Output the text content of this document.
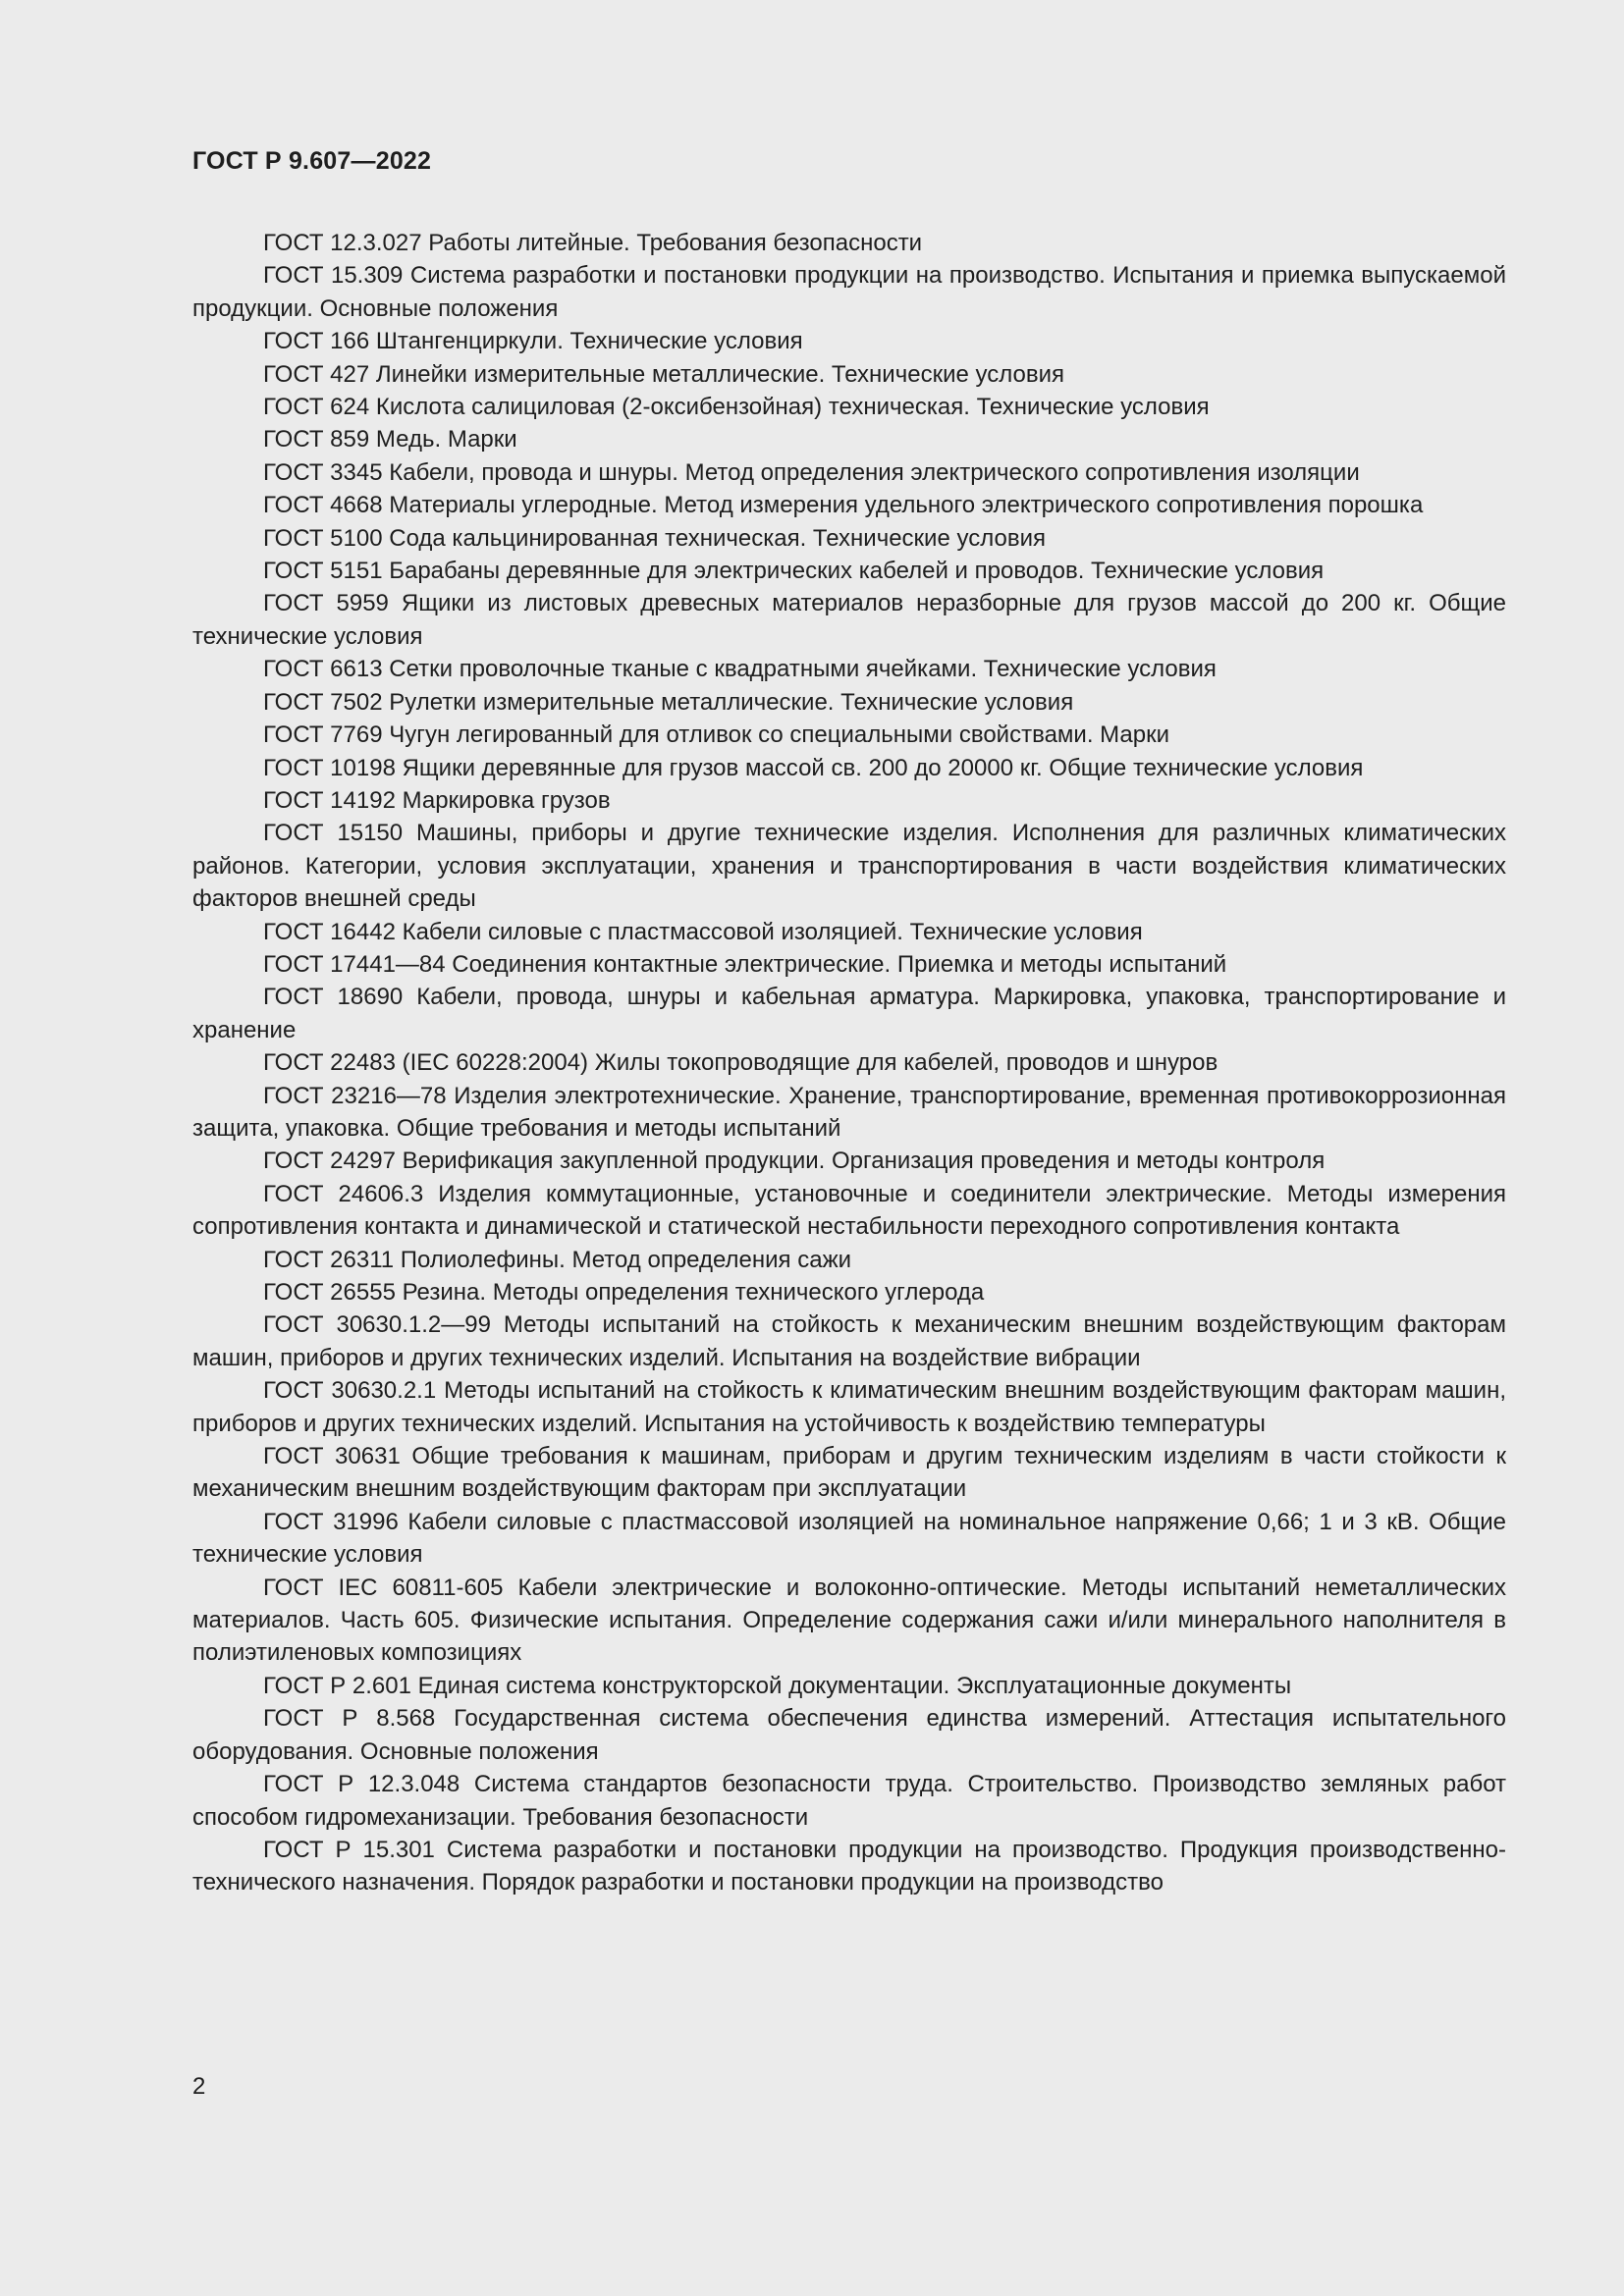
ГОСТ Р 9.607—2022

ГОСТ 12.3.027 Работы литейные. Требования безопасности

ГОСТ 15.309 Система разработки и постановки продукции на производство. Испытания и приемка выпускаемой продукции. Основные положения

ГОСТ 166 Штангенциркули. Технические условия

ГОСТ 427 Линейки измерительные металлические. Технические условия

ГОСТ 624 Кислота салициловая (2-оксибензойная) техническая. Технические условия

ГОСТ 859 Медь. Марки

ГОСТ 3345 Кабели, провода и шнуры. Метод определения электрического сопротивления изоляции

ГОСТ 4668 Материалы углеродные. Метод измерения удельного электрического сопротивления порошка

ГОСТ 5100 Сода кальцинированная техническая. Технические условия

ГОСТ 5151 Барабаны деревянные для электрических кабелей и проводов. Технические условия

ГОСТ 5959 Ящики из листовых древесных материалов неразборные для грузов массой до 200 кг. Общие технические условия

ГОСТ 6613 Сетки проволочные тканые с квадратными ячейками. Технические условия

ГОСТ 7502 Рулетки измерительные металлические. Технические условия

ГОСТ 7769 Чугун легированный для отливок со специальными свойствами. Марки

ГОСТ 10198 Ящики деревянные для грузов массой св. 200 до 20000 кг. Общие технические условия

ГОСТ 14192 Маркировка грузов

ГОСТ 15150 Машины, приборы и другие технические изделия. Исполнения для различных климатических районов. Категории, условия эксплуатации, хранения и транспортирования в части воздействия климатических факторов внешней среды

ГОСТ 16442 Кабели силовые с пластмассовой изоляцией. Технические условия

ГОСТ 17441—84 Соединения контактные электрические. Приемка и методы испытаний

ГОСТ 18690 Кабели, провода, шнуры и кабельная арматура. Маркировка, упаковка, транспортирование и хранение

ГОСТ 22483 (IEC 60228:2004) Жилы токопроводящие для кабелей, проводов и шнуров

ГОСТ 23216—78 Изделия электротехнические. Хранение, транспортирование, временная противокоррозионная защита, упаковка. Общие требования и методы испытаний

ГОСТ 24297 Верификация закупленной продукции. Организация проведения и методы контроля

ГОСТ 24606.3 Изделия коммутационные, установочные и соединители электрические. Методы измерения сопротивления контакта и динамической и статической нестабильности переходного сопротивления контакта

ГОСТ 26311 Полиолефины. Метод определения сажи

ГОСТ 26555 Резина. Методы определения технического углерода

ГОСТ 30630.1.2—99 Методы испытаний на стойкость к механическим внешним воздействующим факторам машин, приборов и других технических изделий. Испытания на воздействие вибрации

ГОСТ 30630.2.1 Методы испытаний на стойкость к климатическим внешним воздействующим факторам машин, приборов и других технических изделий. Испытания на устойчивость к воздействию температуры

ГОСТ 30631 Общие требования к машинам, приборам и другим техническим изделиям в части стойкости к механическим внешним воздействующим факторам при эксплуатации

ГОСТ 31996 Кабели силовые с пластмассовой изоляцией на номинальное напряжение 0,66; 1 и 3 кВ. Общие технические условия

ГОСТ IEC 60811-605 Кабели электрические и волоконно-оптические. Методы испытаний неметаллических материалов. Часть 605. Физические испытания. Определение содержания сажи и/или минерального наполнителя в полиэтиленовых композициях

ГОСТ Р 2.601 Единая система конструкторской документации. Эксплуатационные документы

ГОСТ Р 8.568 Государственная система обеспечения единства измерений. Аттестация испытательного оборудования. Основные положения

ГОСТ Р 12.3.048 Система стандартов безопасности труда. Строительство. Производство земляных работ способом гидромеханизации. Требования безопасности

ГОСТ Р 15.301 Система разработки и постановки продукции на производство. Продукция производственно-технического назначения. Порядок разработки и постановки продукции на производство

2
